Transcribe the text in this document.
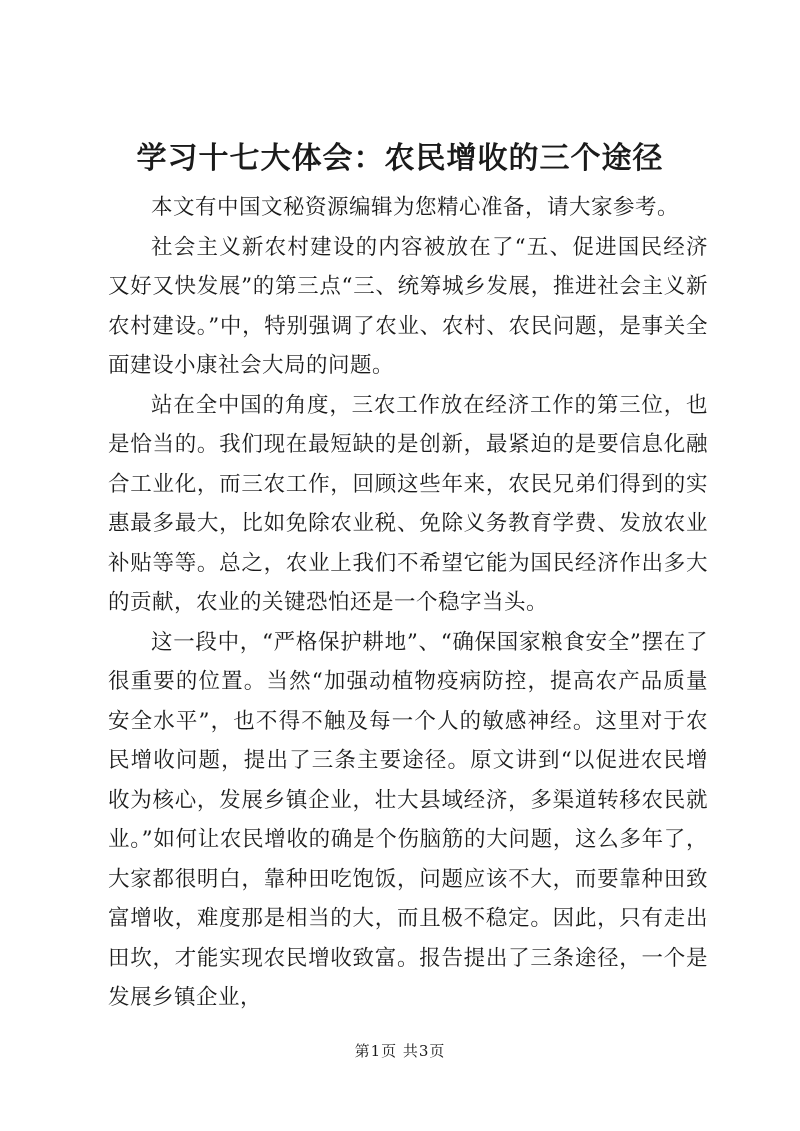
学习十七大体会：农民增收的三个途径

本文有中国文秘资源编辑为您精心准备，请大家参考。

社会主义新农村建设的内容被放在了“五、促进国民经济又好又快发展”的第三点“三、统筹城乡发展，推进社会主义新农村建设。”中，特别强调了农业、农村、农民问题，是事关全面建设小康社会大局的问题。

站在全中国的角度，三农工作放在经济工作的第三位，也是恰当的。我们现在最短缺的是创新，最紧迫的是要信息化融合工业化，而三农工作，回顾这些年来，农民兄弟们得到的实惠最多最大，比如免除农业税、免除义务教育学费、发放农业补贴等等。总之，农业上我们不希望它能为国民经济作出多大的贡献，农业的关键恐怕还是一个稳字当头。

这一段中，“严格保护耕地”、“确保国家粮食安全”摆在了很重要的位置。当然“加强动植物疫病防控，提高农产品质量安全水平”，也不得不触及每一个人的敏感神经。这里对于农民增收问题，提出了三条主要途径。原文讲到“以促进农民增收为核心，发展乡镇企业，壮大县域经济，多渠道转移农民就业。”如何让农民增收的确是个伤脑筋的大问题，这么多年了，大家都很明白，靠种田吃饱饭，问题应该不大，而要靠种田致富增收，难度那是相当的大，而且极不稳定。因此，只有走出田坎，才能实现农民增收致富。报告提出了三条途径，一个是发展乡镇企业，

第1页 共3页
